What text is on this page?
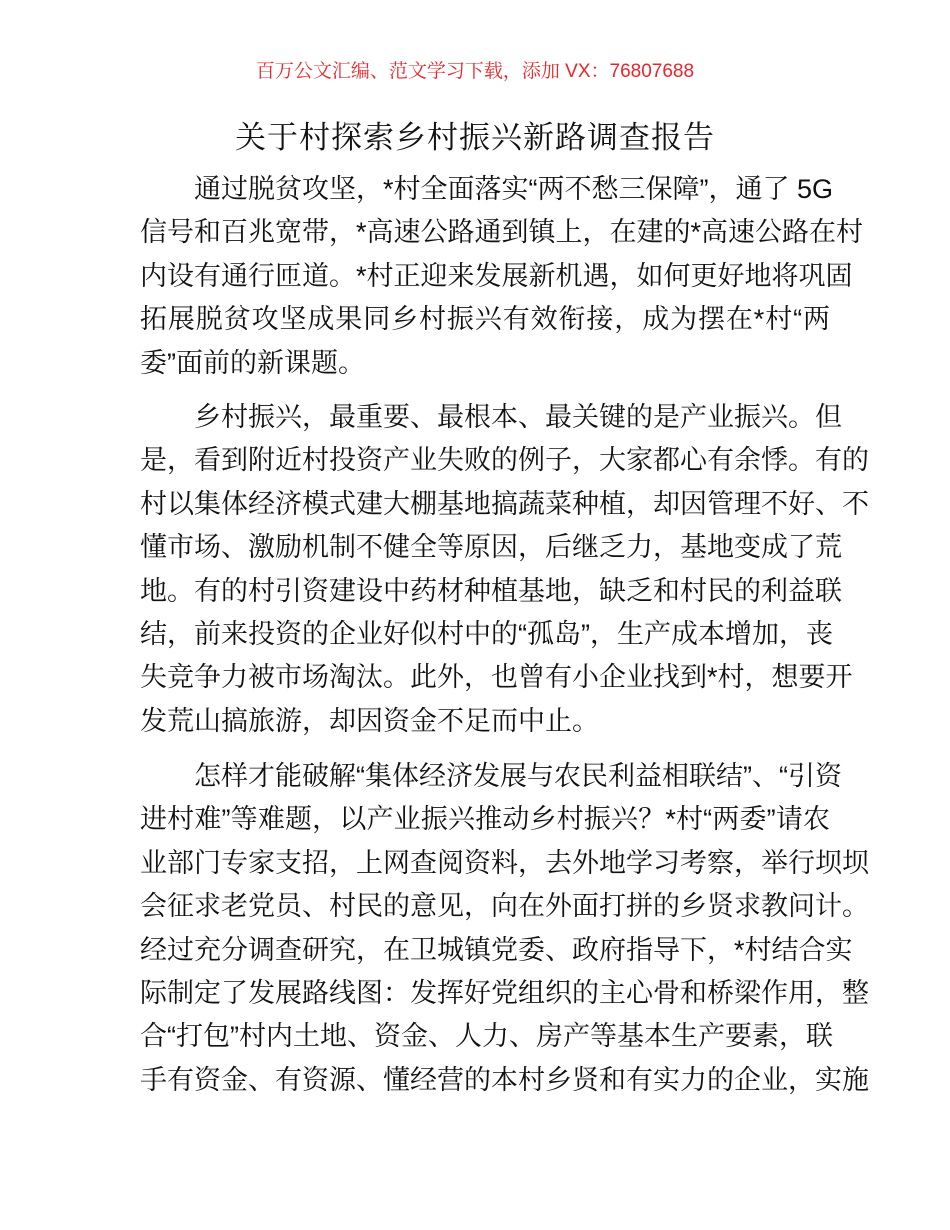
百万公文汇编、范文学习下载，添加 VX：76807688
关于村探索乡村振兴新路调查报告
通过脱贫攻坚，*村全面落实“两不愁三保障”，通了 5G
信号和百兆宽带，*高速公路通到镇上，在建的*高速公路在村
内设有通行匝道。*村正迎来发展新机遇，如何更好地将巩固
拓展脱贫攻坚成果同乡村振兴有效衔接，成为摆在*村“两
委”面前的新课题。
乡村振兴，最重要、最根本、最关键的是产业振兴。但
是，看到附近村投资产业失败的例子，大家都心有余悸。有的
村以集体经济模式建大棚基地搞蔬菜种植，却因管理不好、不
懂市场、激励机制不健全等原因，后继乏力，基地变成了荒
地。有的村引资建设中药材种植基地，缺乏和村民的利益联
结，前来投资的企业好似村中的“孤岛”，生产成本增加，丧
失竞争力被市场淘汰。此外，也曾有小企业找到*村，想要开
发荒山搞旅游，却因资金不足而中止。
怎样才能破解“集体经济发展与农民利益相联结”、“引资
进村难”等难题，以产业振兴推动乡村振兴？*村“两委”请农
业部门专家支招，上网查阅资料，去外地学习考察，举行坝坝
会征求老党员、村民的意见，向在外面打拼的乡贤求教问计。
经过充分调查研究，在卫城镇党委、政府指导下，*村结合实
际制定了发展路线图：发挥好党组织的主心骨和桥梁作用，整
合“打包”村内土地、资金、人力、房产等基本生产要素，联
手有资金、有资源、懂经营的本村乡贤和有实力的企业，实施
